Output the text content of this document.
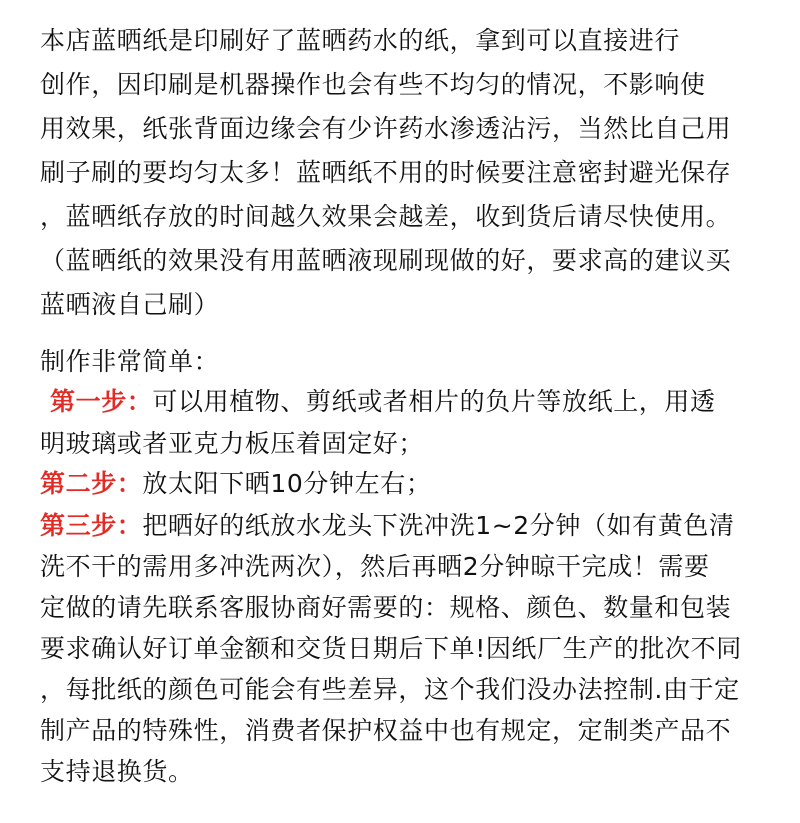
本店蓝晒纸是印刷好了蓝晒药水的纸，拿到可以直接进行
创作，因印刷是机器操作也会有些不均匀的情况，不影响使
用效果，纸张背面边缘会有少许药水渗透沾污，当然比自己用
刷子刷的要均匀太多！蓝晒纸不用的时候要注意密封避光保存
，蓝晒纸存放的时间越久效果会越差，收到货后请尽快使用。
（蓝晒纸的效果没有用蓝晒液现刷现做的好，要求高的建议买
蓝晒液自己刷）
制作非常简单：
第一步：可以用植物、剪纸或者相片的负片等放纸上，用透
明玻璃或者亚克力板压着固定好；
第二步：放太阳下晒10分钟左右；
第三步：把晒好的纸放水龙头下洗冲洗1~2分钟（如有黄色清
洗不干的需用多冲洗两次），然后再晒2分钟晾干完成！需要
定做的请先联系客服协商好需要的：规格、颜色、数量和包装
要求确认好订单金额和交货日期后下单!因纸厂生产的批次不同
，每批纸的颜色可能会有些差异，这个我们没办法控制.由于定
制产品的特殊性，消费者保护权益中也有规定，定制类产品不
支持退换货。
